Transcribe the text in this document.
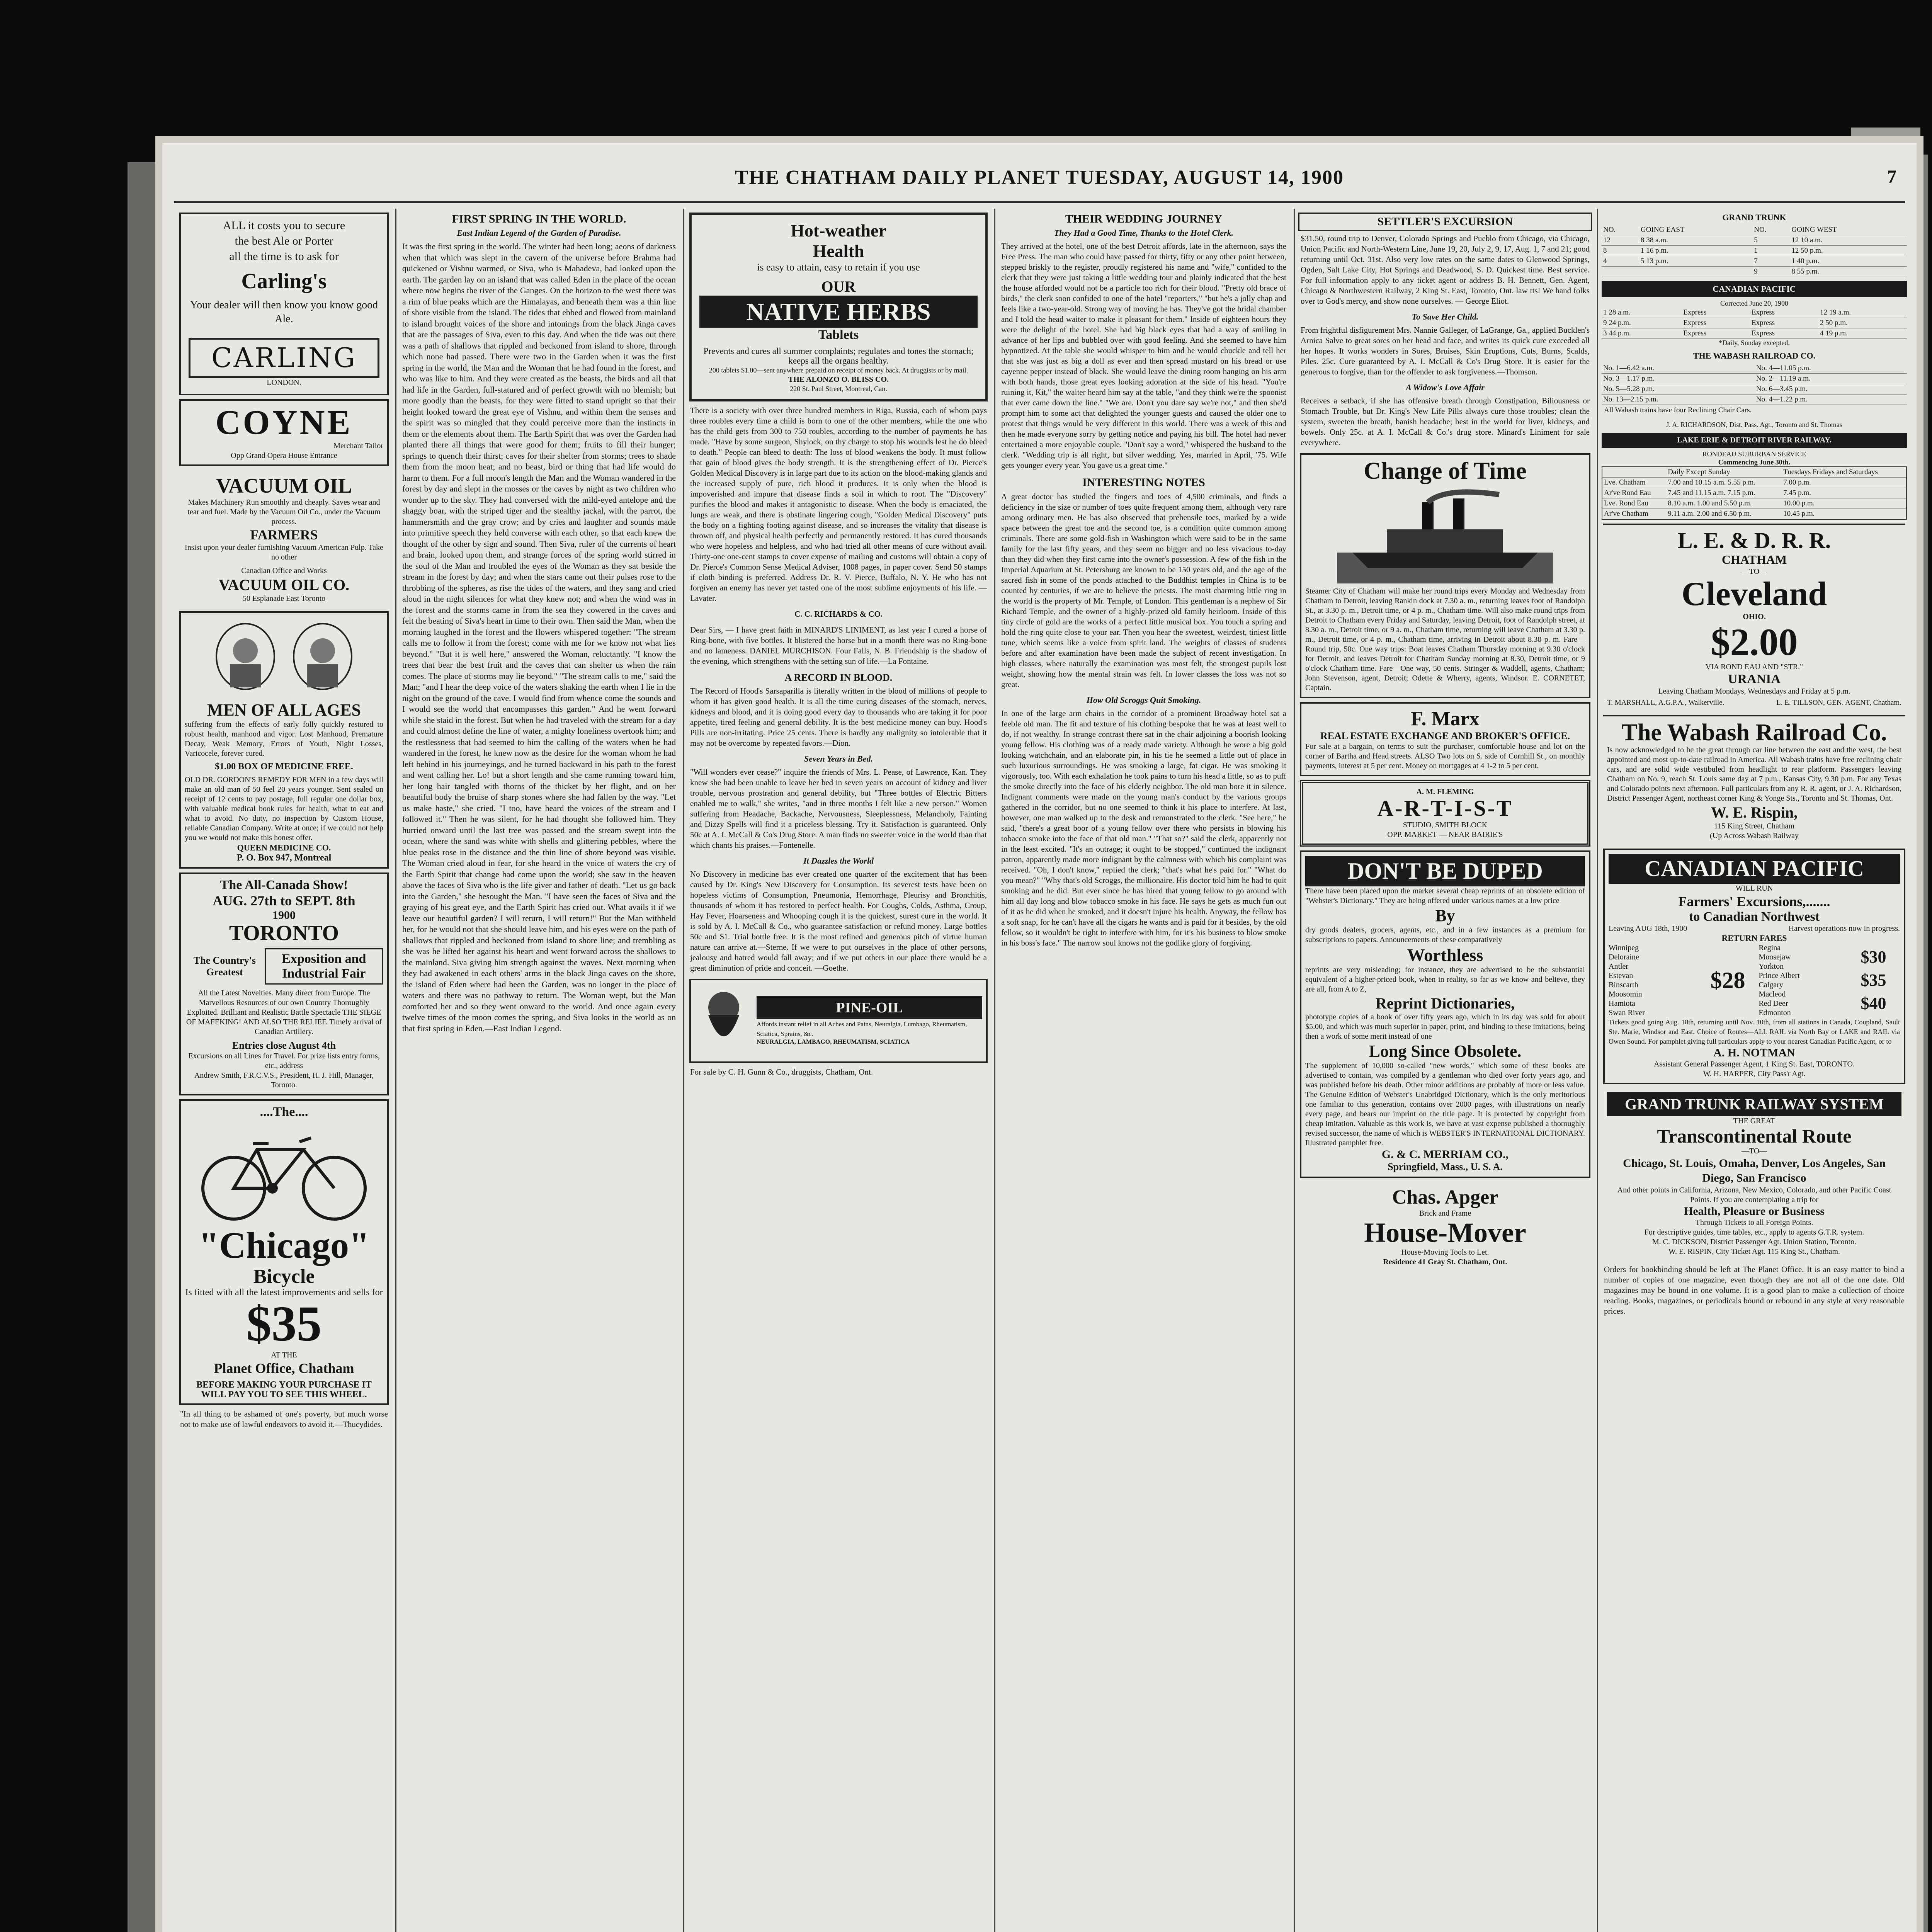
THE CHATHAM DAILY PLANET TUESDAY, AUGUST 14, 1900	7
ALL it costs you to secure
the best Ale or Porter
all the time is to ask for
Carling's
Your dealer will then know you know good Ale.
CARLING
LONDON.
COYNE
Merchant Tailor
Opp Grand Opera House Entrance
VACUUM OIL
Makes Machinery Run smoothly and cheaply. Saves wear and tear and fuel. Made by the Vacuum Oil Co., under the Vacuum process.
FARMERS
Insist upon your dealer furnishing Vacuum American Pulp. Take no other
Canadian Office and Works
VACUUM OIL CO.
50 Esplanade East Toronto
MEN OF ALL AGES
suffering from the effects of early folly quickly restored to robust health, manhood and vigor. Lost Manhood, Premature Decay, Weak Memory, Errors of Youth, Night Losses, Varicocele, forever cured.
$1.00 BOX OF MEDICINE FREE.
OLD DR. GORDON'S REMEDY FOR MEN in a few days will make an old man of 50 feel 20 years younger. Sent sealed on receipt of 12 cents to pay postage, full regular one dollar box, with valuable medical book rules for health, what to eat and what to avoid. No duty, no inspection by Custom House, reliable Canadian Company. Write at once; if we could not help you we would not make this honest offer.
QUEEN MEDICINE CO.
P. O. Box 947, Montreal
The All-Canada Show!
AUG. 27th to SEPT. 8th
1900
TORONTO
The Country's Greatest
Exposition and Industrial Fair
All the Latest Novelties. Many direct from Europe. The Marvellous Resources of our own Country Thoroughly Exploited. Brilliant and Realistic Battle Spectacle THE SIEGE OF MAFEKING! AND ALSO THE RELIEF. Timely arrival of Canadian Artillery.
Entries close August 4th
Excursions on all Lines for Travel. For prize lists entry forms, etc., address
Andrew Smith, F.R.C.V.S., President, H. J. Hill, Manager, Toronto.
....The....
"Chicago"
Bicycle
Is fitted with all the latest improvements and sells for
$35
AT THE
Planet Office, Chatham
BEFORE MAKING YOUR PURCHASE IT WILL PAY YOU TO SEE THIS WHEEL.
"In all thing to be ashamed of one's poverty, but much worse not to make use of lawful endeavors to avoid it.—Thucydides.
FIRST SPRING IN THE WORLD.
East Indian Legend of the Garden of Paradise.
It was the first spring in the world. The winter had been long; aeons of darkness when that which was slept in the cavern of the universe before Brahma had quickened or Vishnu warmed, or Siva, who is Mahadeva, had looked upon the earth. The garden lay on an island that was called Eden in the place of the ocean where now begins the river of the Ganges. On the horizon to the west there was a rim of blue peaks which are the Himalayas, and beneath them was a thin line of shore visible from the island. The tides that ebbed and flowed from mainland to island brought voices of the shore and intonings from the black Jinga caves that are the passages of Siva, even to this day. And when the tide was out there was a path of shallows that rippled and beckoned from island to shore, through which none had passed. There were two in the Garden when it was the first spring in the world, the Man and the Woman that he had found in the forest, and who was like to him. And they were created as the beasts, the birds and all that had life in the Garden, full-statured and of perfect growth with no blemish; but more goodly than the beasts, for they were fitted to stand upright so that their height looked toward the great eye of Vishnu, and within them the senses and the spirit was so mingled that they could perceive more than the instincts in them or the elements about them. The Earth Spirit that was over the Garden had planted there all things that were good for them; fruits to fill their hunger; springs to quench their thirst; caves for their shelter from storms; trees to shade them from the moon heat; and no beast, bird or thing that had life would do harm to them. For a full moon's length the Man and the Woman wandered in the forest by day and slept in the mosses or the caves by night as two children who wonder up to the sky. They had conversed with the mild-eyed antelope and the shaggy boar, with the striped tiger and the stealthy jackal, with the parrot, the hammersmith and the gray crow; and by cries and laughter and sounds made into primitive speech they held converse with each other, so that each knew the thought of the other by sign and sound. Then Siva, ruler of the currents of heart and brain, looked upon them, and strange forces of the spring world stirred in the soul of the Man and troubled the eyes of the Woman as they sat beside the stream in the forest by day; and when the stars came out their pulses rose to the throbbing of the spheres, as rise the tides of the waters, and they sang and cried aloud in the night silences for what they knew not; and when the wind was in the forest and the storms came in from the sea they cowered in the caves and felt the beating of Siva's heart in time to their own. Then said the Man, when the morning laughed in the forest and the flowers whispered together: "The stream calls me to follow it from the forest; come with me for we know not what lies beyond." "But it is well here," answered the Woman, reluctantly. "I know the trees that bear the best fruit and the caves that can shelter us when the rain comes. The place of storms may lie beyond." "The stream calls to me," said the Man; "and I hear the deep voice of the waters shaking the earth when I lie in the night on the ground of the cave. I would find from whence come the sounds and I would see the world that encompasses this garden." And he went forward while she staid in the forest. But when he had traveled with the stream for a day and could almost define the line of water, a mighty loneliness overtook him; and the restlessness that had seemed to him the calling of the waters when he had wandered in the forest, he knew now as the desire for the woman whom he had left behind in his journeyings, and he turned backward in his path to the forest and went calling her. Lo! but a short length and she came running toward him, her long hair tangled with thorns of the thicket by her flight, and on her beautiful body the bruise of sharp stones where she had fallen by the way. "Let us make haste," she cried. "I too, have heard the voices of the stream and I followed it." Then he was silent, for he had thought she followed him. They hurried onward until the last tree was passed and the stream swept into the ocean, where the sand was white with shells and glittering pebbles, where the blue peaks rose in the distance and the thin line of shore beyond was visible. The Woman cried aloud in fear, for she heard in the voice of waters the cry of the Earth Spirit that change had come upon the world; she saw in the heaven above the faces of Siva who is the life giver and father of death. "Let us go back into the Garden," she besought the Man. "I have seen the faces of Siva and the graying of his great eye, and the Earth Spirit has cried out. What avails it if we leave our beautiful garden? I will return, I will return!" But the Man withheld her, for he would not that she should leave him, and his eyes were on the path of shallows that rippled and beckoned from island to shore line; and trembling as she was he lifted her against his heart and went forward across the shallows to the mainland. Siva giving him strength against the waves. Next morning when they had awakened in each others' arms in the black Jinga caves on the shore, the island of Eden where had been the Garden, was no longer in the place of waters and there was no pathway to return. The Woman wept, but the Man comforted her and so they went onward to the world. And once again every twelve times of the moon comes the spring, and Siva looks in the world as on that first spring in Eden.—East Indian Legend.
Hot-weather
Health
is easy to attain, easy to retain if you use
OUR
NATIVE HERBS
Tablets
Prevents and cures all summer complaints; regulates and tones the stomach; keeps all the organs healthy.
200 tablets $1.00—sent anywhere prepaid on receipt of money back. At druggists or by mail.
THE ALONZO O. BLISS CO.
220 St. Paul Street, Montreal, Can.
There is a society with over three hundred members in Riga, Russia, each of whom pays three roubles every time a child is born to one of the other members, while the one who has the child gets from 300 to 750 roubles, according to the number of payments he has made. "Have by some surgeon, Shylock, on thy charge to stop his wounds lest he do bleed to death." People can bleed to death: The loss of blood weakens the body. It must follow that gain of blood gives the body strength. It is the strengthening effect of Dr. Pierce's Golden Medical Discovery is in large part due to its action on the blood-making glands and the increased supply of pure, rich blood it produces. It is only when the blood is impoverished and impure that disease finds a soil in which to root. The "Discovery" purifies the blood and makes it antagonistic to disease. When the body is emaciated, the lungs are weak, and there is obstinate lingering cough, "Golden Medical Discovery" puts the body on a fighting footing against disease, and so increases the vitality that disease is thrown off, and physical health perfectly and permanently restored. It has cured thousands who were hopeless and helpless, and who had tried all other means of cure without avail. Thirty-one one-cent stamps to cover expense of mailing and customs will obtain a copy of Dr. Pierce's Common Sense Medical Adviser, 1008 pages, in paper cover. Send 50 stamps if cloth binding is preferred. Address Dr. R. V. Pierce, Buffalo, N. Y. He who has not forgiven an enemy has never yet tasted one of the most sublime enjoyments of his life. —Lavater.
C. C. RICHARDS & CO.
Dear Sirs, — I have great faith in MINARD'S LINIMENT, as last year I cured a horse of Ring-bone, with five bottles. It blistered the horse but in a month there was no Ring-bone and no lameness. DANIEL MURCHISON. Four Falls, N. B. Friendship is the shadow of the evening, which strengthens with the setting sun of life.—La Fontaine.
A RECORD IN BLOOD.
The Record of Hood's Sarsaparilla is literally written in the blood of millions of people to whom it has given good health. It is all the time curing diseases of the stomach, nerves, kidneys and blood, and it is doing good every day to thousands who are taking it for poor appetite, tired feeling and general debility. It is the best medicine money can buy. Hood's Pills are non-irritating. Price 25 cents. There is hardly any malignity so intolerable that it may not be overcome by repeated favors.—Dion.
Seven Years in Bed.
"Will wonders ever cease?" inquire the friends of Mrs. L. Pease, of Lawrence, Kan. They knew she had been unable to leave her bed in seven years on account of kidney and liver trouble, nervous prostration and general debility, but "Three bottles of Electric Bitters enabled me to walk," she writes, "and in three months I felt like a new person." Women suffering from Headache, Backache, Nervousness, Sleeplessness, Melancholy, Fainting and Dizzy Spells will find it a priceless blessing. Try it. Satisfaction is guaranteed. Only 50c at A. I. McCall & Co's Drug Store. A man finds no sweeter voice in the world than that which chants his praises.—Fontenelle.
It Dazzles the World
No Discovery in medicine has ever created one quarter of the excitement that has been caused by Dr. King's New Discovery for Consumption. Its severest tests have been on hopeless victims of Consumption, Pneumonia, Hemorrhage, Pleurisy and Bronchitis, thousands of whom it has restored to perfect health. For Coughs, Colds, Asthma, Croup, Hay Fever, Hoarseness and Whooping cough it is the quickest, surest cure in the world. It is sold by A. I. McCall & Co., who guarantee satisfaction or refund money. Large bottles 50c and $1. Trial bottle free. It is the most refined and generous pitch of virtue human nature can arrive at.—Sterne. If we were to put ourselves in the place of other persons, jealousy and hatred would fall away; and if we put others in our place there would be a great diminution of pride and conceit. —Goethe.
PINE-OIL
Affords instant relief in all Aches and Pains, Neuralgia, Lumbago, Rheumatism, Sciatica, Sprains, &c.
NEURALGIA, LAMBAGO, RHEUMATISM, SCIATICA
For sale by C. H. Gunn & Co., druggists, Chatham, Ont.
THEIR WEDDING JOURNEY
They Had a Good Time, Thanks to the Hotel Clerk.
They arrived at the hotel, one of the best Detroit affords, late in the afternoon, says the Free Press. The man who could have passed for thirty, fifty or any other point between, stepped briskly to the register, proudly registered his name and "wife," confided to the clerk that they were just taking a little wedding tour and plainly indicated that the best the house afforded would not be a particle too rich for their blood. "Pretty old brace of birds," the clerk soon confided to one of the hotel "reporters," "but he's a jolly chap and feels like a two-year-old. Strong way of moving he has. They've got the bridal chamber and I told the head waiter to make it pleasant for them." Inside of eighteen hours they were the delight of the hotel. She had big black eyes that had a way of smiling in advance of her lips and bubbled over with good feeling. And she seemed to have him hypnotized. At the table she would whisper to him and he would chuckle and tell her that she was just as big a doll as ever and then spread mustard on his bread or use cayenne pepper instead of black. She would leave the dining room hanging on his arm with both hands, those great eyes looking adoration at the side of his head. "You're ruining it, Kit," the waiter heard him say at the table, "and they think we're the spoonist that ever came down the line." "We are. Don't you dare say we're not," and then she'd prompt him to some act that delighted the younger guests and caused the older one to protest that things would be very different in this world. There was a week of this and then he made everyone sorry by getting notice and paying his bill. The hotel had never entertained a more enjoyable couple. "Don't say a word," whispered the husband to the clerk. "Wedding trip is all right, but silver wedding. Yes, married in April, '75. Wife gets younger every year. You gave us a great time."
INTERESTING NOTES
A great doctor has studied the fingers and toes of 4,500 criminals, and finds a deficiency in the size or number of toes quite frequent among them, although very rare among ordinary men. He has also observed that prehensile toes, marked by a wide space between the great toe and the second toe, is a condition quite common among criminals. There are some gold-fish in Washington which were said to be in the same family for the last fifty years, and they seem no bigger and no less vivacious to-day than they did when they first came into the owner's possession. A few of the fish in the Imperial Aquarium at St. Petersburg are known to be 150 years old, and the age of the sacred fish in some of the ponds attached to the Buddhist temples in China is to be counted by centuries, if we are to believe the priests. The most charming little ring in the world is the property of Mr. Temple, of London. This gentleman is a nephew of Sir Richard Temple, and the owner of a highly-prized old family heirloom. Inside of this tiny circle of gold are the works of a perfect little musical box. You touch a spring and hold the ring quite close to your ear. Then you hear the sweetest, weirdest, tiniest little tune, which seems like a voice from spirit land. The weights of classes of students before and after examination have been made the subject of recent investigation. In high classes, where naturally the examination was most felt, the strongest pupils lost weight, showing how the mental strain was felt. In lower classes the loss was not so great.
How Old Scroggs Quit Smoking.
In one of the large arm chairs in the corridor of a prominent Broadway hotel sat a feeble old man. The fit and texture of his clothing bespoke that he was at least well to do, if not wealthy. In strange contrast there sat in the chair adjoining a boorish looking young fellow. His clothing was of a ready made variety. Although he wore a big gold looking watchchain, and an elaborate pin, in his tie he seemed a little out of place in such luxurious surroundings. He was smoking a large, fat cigar. He was smoking it vigorously, too. With each exhalation he took pains to turn his head a little, so as to puff the smoke directly into the face of his elderly neighbor. The old man bore it in silence. Indignant comments were made on the young man's conduct by the various groups gathered in the corridor, but no one seemed to think it his place to interfere. At last, however, one man walked up to the desk and remonstrated to the clerk. "See here," he said, "there's a great boor of a young fellow over there who persists in blowing his tobacco smoke into the face of that old man." "That so?" said the clerk, apparently not in the least excited. "It's an outrage; it ought to be stopped," continued the indignant patron, apparently made more indignant by the calmness with which his complaint was received. "Oh, I don't know," replied the clerk; "that's what he's paid for." "What do you mean?" "Why that's old Scroggs, the millionaire. His doctor told him he had to quit smoking and he did. But ever since he has hired that young fellow to go around with him all day long and blow tobacco smoke in his face. He says he gets as much fun out of it as he did when he smoked, and it doesn't injure his health. Anyway, the fellow has a soft snap, for he can't have all the cigars he wants and is paid for it besides, by the old fellow, so it wouldn't be right to interfere with him, for it's his business to blow smoke in his boss's face." The narrow soul knows not the godlike glory of forgiving.
SETTLER'S EXCURSION
$31.50, round trip to Denver, Colorado Springs and Pueblo from Chicago, via Chicago, Union Pacific and North-Western Line, June 19, 20, July 2, 9, 17, Aug. 1, 7 and 21; good returning until Oct. 31st. Also very low rates on the same dates to Glenwood Springs, Ogden, Salt Lake City, Hot Springs and Deadwood, S. D. Quickest time. Best service. For full information apply to any ticket agent or address B. H. Bennett, Gen. Agent, Chicago & Northwestern Railway, 2 King St. East, Toronto, Ont. law tts! We hand folks over to God's mercy, and show none ourselves. — George Eliot.
To Save Her Child.
From frightful disfigurement Mrs. Nannie Galleger, of LaGrange, Ga., applied Bucklen's Arnica Salve to great sores on her head and face, and writes its quick cure exceeded all her hopes. It works wonders in Sores, Bruises, Skin Eruptions, Cuts, Burns, Scalds, Piles. 25c. Cure guaranteed by A. I. McCall & Co's Drug Store. It is easier for the generous to forgive, than for the offender to ask forgiveness.—Thomson.
A Widow's Love Affair
Receives a setback, if she has offensive breath through Constipation, Biliousness or Stomach Trouble, but Dr. King's New Life Pills always cure those troubles; clean the system, sweeten the breath, banish headache; best in the world for liver, kidneys, and bowels. Only 25c. at A. I. McCall & Co.'s drug store. Minard's Liniment for sale everywhere.
Change of Time
Steamer City of Chatham will make her round trips every Monday and Wednesday from Chatham to Detroit, leaving Rankin dock at 7.30 a. m., returning leaves foot of Randolph St., at 3.30 p. m., Detroit time, or 4 p. m., Chatham time. Will also make round trips from Detroit to Chatham every Friday and Saturday, leaving Detroit, foot of Randolph street, at 8.30 a. m., Detroit time, or 9 a. m., Chatham time, returning will leave Chatham at 3.30 p. m., Detroit time, or 4 p. m., Chatham time, arriving in Detroit about 8.30 p. m. Fare—Round trip, 50c. One way trips: Boat leaves Chatham Thursday morning at 9.30 o'clock for Detroit, and leaves Detroit for Chatham Sunday morning at 8.30, Detroit time, or 9 o'clock Chatham time. Fare—One way, 50 cents. Stringer & Waddell, agents, Chatham; John Stevenson, agent, Detroit; Odette & Wherry, agents, Windsor. E. CORNETET, Captain.
F. Marx
REAL ESTATE EXCHANGE AND BROKER'S OFFICE.
For sale at a bargain, on terms to suit the purchaser, comfortable house and lot on the corner of Bartha and Head streets. ALSO Two lots on S. side of Cornhill St., on monthly payments, interest at 5 per cent. Money on mortgages at 4 1-2 to 5 per cent.
A. M. FLEMING
A-R-T-I-S-T
STUDIO, SMITH BLOCK
OPP. MARKET — NEAR BAIRIE'S
DON'T BE DUPED
There have been placed upon the market several cheap reprints of an obsolete edition of "Webster's Dictionary." They are being offered under various names at a low price
By
dry goods dealers, grocers, agents, etc., and in a few instances as a premium for subscriptions to papers. Announcements of these comparatively
Worthless
reprints are very misleading; for instance, they are advertised to be the substantial equivalent of a higher-priced book, when in reality, so far as we know and believe, they are all, from A to Z,
Reprint Dictionaries,
phototype copies of a book of over fifty years ago, which in its day was sold for about $5.00, and which was much superior in paper, print, and binding to these imitations, being then a work of some merit instead of one
Long Since Obsolete.
The supplement of 10,000 so-called "new words," which some of these books are advertised to contain, was compiled by a gentleman who died over forty years ago, and was published before his death. Other minor additions are probably of more or less value. The Genuine Edition of Webster's Unabridged Dictionary, which is the only meritorious one familiar to this generation, contains over 2000 pages, with illustrations on nearly every page, and bears our imprint on the title page. It is protected by copyright from cheap imitation. Valuable as this work is, we have at vast expense published a thoroughly revised successor, the name of which is WEBSTER'S INTERNATIONAL DICTIONARY. Illustrated pamphlet free.
G. & C. MERRIAM CO.,
Springfield, Mass., U. S. A.
Chas. Apger
Brick and Frame
House-Mover
House-Moving Tools to Let.
Residence 41 Gray St. Chatham, Ont.
GRAND TRUNK
NO.	GOING EAST	NO.	GOING WEST
12	8 38 a.m.	5	12 10 a.m.
8	1 16 p.m.	1	12 50 p.m.
4	5 13 p.m.	7	1 40 p.m.
		9	8 55 p.m.
CANADIAN PACIFIC
Corrected June 20, 1900
1 28 a.m.	Express	Express	12 19 a.m.
9 24 p.m.	Express	Express	2 50 p.m.
3 44 p.m.	Express	Express	4 19 p.m.
*Daily, Sunday excepted.
THE WABASH RAILROAD CO.
No. 1—6.42 a.m.	No. 4—11.05 p.m.
No. 3—1.17 p.m.	No. 2—11.19 a.m.
No. 5—5.28 p.m.	No. 6—3.45 p.m.
No. 13—2.15 p.m.	No. 4—1.22 p.m.
All Wabash trains have four Reclining Chair Cars.
J. A. RICHARDSON, Dist. Pass. Agt., Toronto and St. Thomas
LAKE ERIE & DETROIT RIVER RAILWAY.
RONDEAU SUBURBAN SERVICE
Commencing June 30th.
	Daily Except Sunday	Tuesdays Fridays and Saturdays
Lve. Chatham	7.00 and 10.15 a.m. 5.55 p.m.	7.00 p.m.
Ar've Rond Eau	7.45 and 11.15 a.m. 7.15 p.m.	7.45 p.m.
Lve. Rond Eau	8.10 a.m. 1.00 and 5.50 p.m.	10.00 p.m.
Ar've Chatham	9.11 a.m. 2.00 and 6.50 p.m.	10.45 p.m.
L. E. & D. R. R.
CHATHAM
—TO—
Cleveland
OHIO.
$2.00
VIA ROND EAU AND "STR."
URANIA
Leaving Chatham Mondays, Wednesdays and Friday at 5 p.m.
T. MARSHALL, A.G.P.A., Walkerville.	L. E. TILLSON, GEN. AGENT, Chatham.
The Wabash Railroad Co.
Is now acknowledged to be the great through car line between the east and the west, the best appointed and most up-to-date railroad in America. All Wabash trains have free reclining chair cars, and are solid wide vestibuled from headlight to rear platform. Passengers leaving Chatham on No. 9, reach St. Louis same day at 7 p.m., Kansas City, 9.30 p.m. For any Texas and Colorado points next afternoon. Full particulars from any R. R. agent, or J. A. Richardson, District Passenger Agent, northeast corner King & Yonge Sts., Toronto and St. Thomas, Ont.
W. E. Rispin,
115 King Street, Chatham
(Up Across Wabash Railway
CANADIAN PACIFIC
WILL RUN
Farmers' Excursions,.......
to Canadian Northwest
Leaving AUG 18th, 1900	Harvest operations now in progress.
RETURN FARES
Winnipeg
Deloraine
Antler
Estevan
Binscarth
Moosomin
Hamiota
Swan River
$28
Regina
Moosejaw
Yorkton
Prince Albert
Calgary
Macleod
Red Deer
Edmonton
$30
$35
$40
Tickets good going Aug. 18th, returning until Nov. 10th, from all stations in Canada, Coupland, Sault Ste. Marie, Windsor and East. Choice of Routes—ALL RAIL via North Bay or LAKE and RAIL via Owen Sound. For pamphlet giving full particulars apply to your nearest Canadian Pacific Agent, or to
A. H. NOTMAN
Assistant General Passenger Agent, 1 King St. East, TORONTO.
W. H. HARPER, City Pass'r Agt.
GRAND TRUNK RAILWAY SYSTEM
THE GREAT
Transcontinental Route
—TO—
Chicago, St. Louis, Omaha, Denver, Los Angeles, San Diego, San Francisco
And other points in California, Arizona, New Mexico, Colorado, and other Pacific Coast Points. If you are contemplating a trip for
Health, Pleasure or Business
Through Tickets to all Foreign Points.
For descriptive guides, time tables, etc., apply to agents G.T.R. system.
M. C. DICKSON, District Passenger Agt. Union Station, Toronto.
W. E. RISPIN, City Ticket Agt. 115 King St., Chatham.
Orders for bookbinding should be left at The Planet Office. It is an easy matter to bind a number of copies of one magazine, even though they are not all of the one date. Old magazines may be bound in one volume. It is a good plan to make a collection of choice reading. Books, magazines, or periodicals bound or rebound in any style at very reasonable prices.
